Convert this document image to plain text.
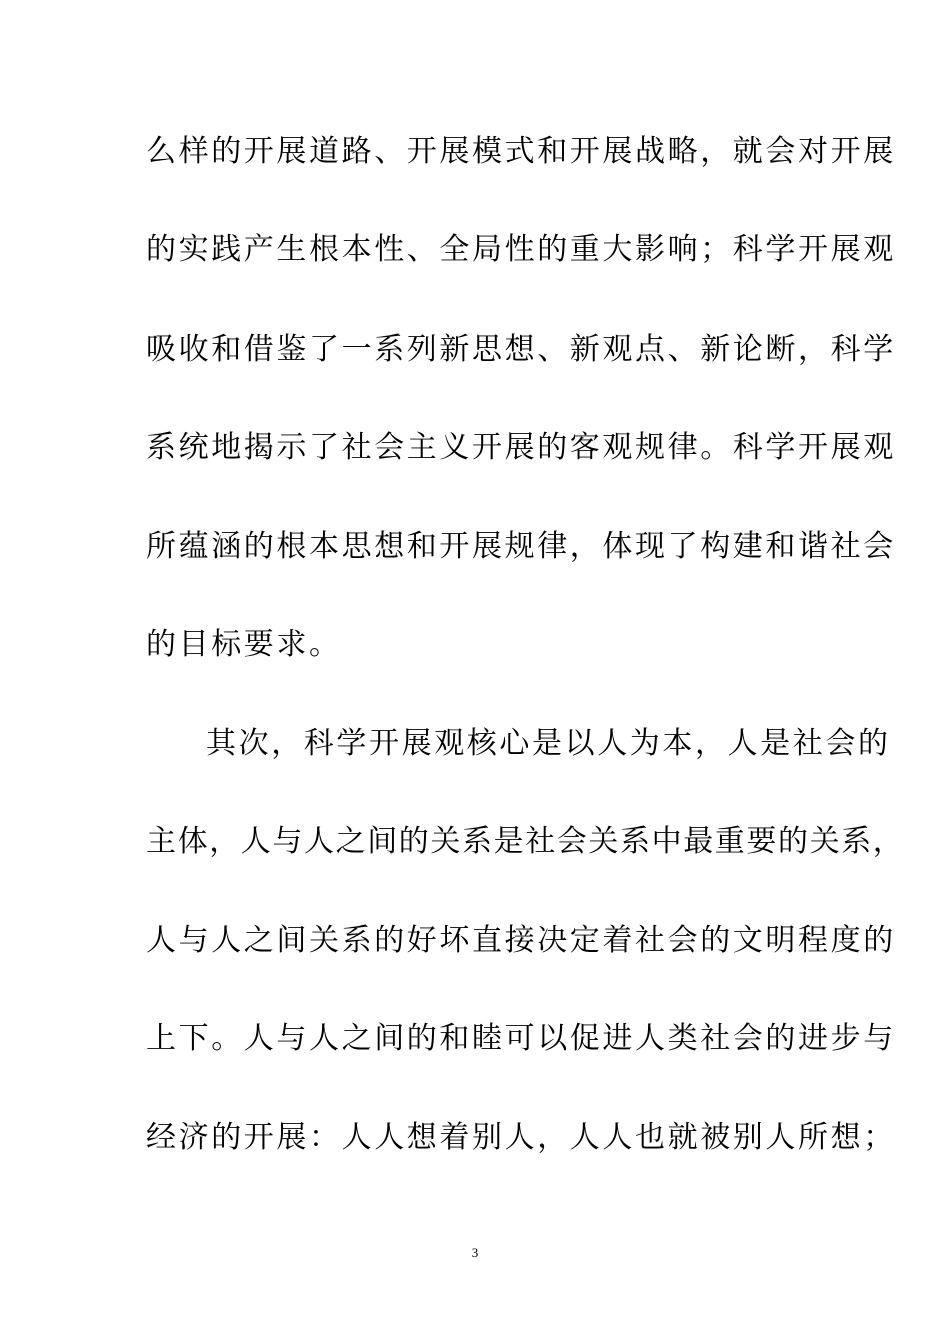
么样的开展道路、开展模式和开展战略，就会对开展
的实践产生根本性、全局性的重大影响；科学开展观
吸收和借鉴了一系列新思想、新观点、新论断，科学
系统地揭示了社会主义开展的客观规律。科学开展观
所蕴涵的根本思想和开展规律，体现了构建和谐社会
的目标要求。
其次，科学开展观核心是以人为本，人是社会的
主体，人与人之间的关系是社会关系中最重要的关系，
人与人之间关系的好坏直接决定着社会的文明程度的
上下。人与人之间的和睦可以促进人类社会的进步与
经济的开展：人人想着别人，人人也就被别人所想；
3
